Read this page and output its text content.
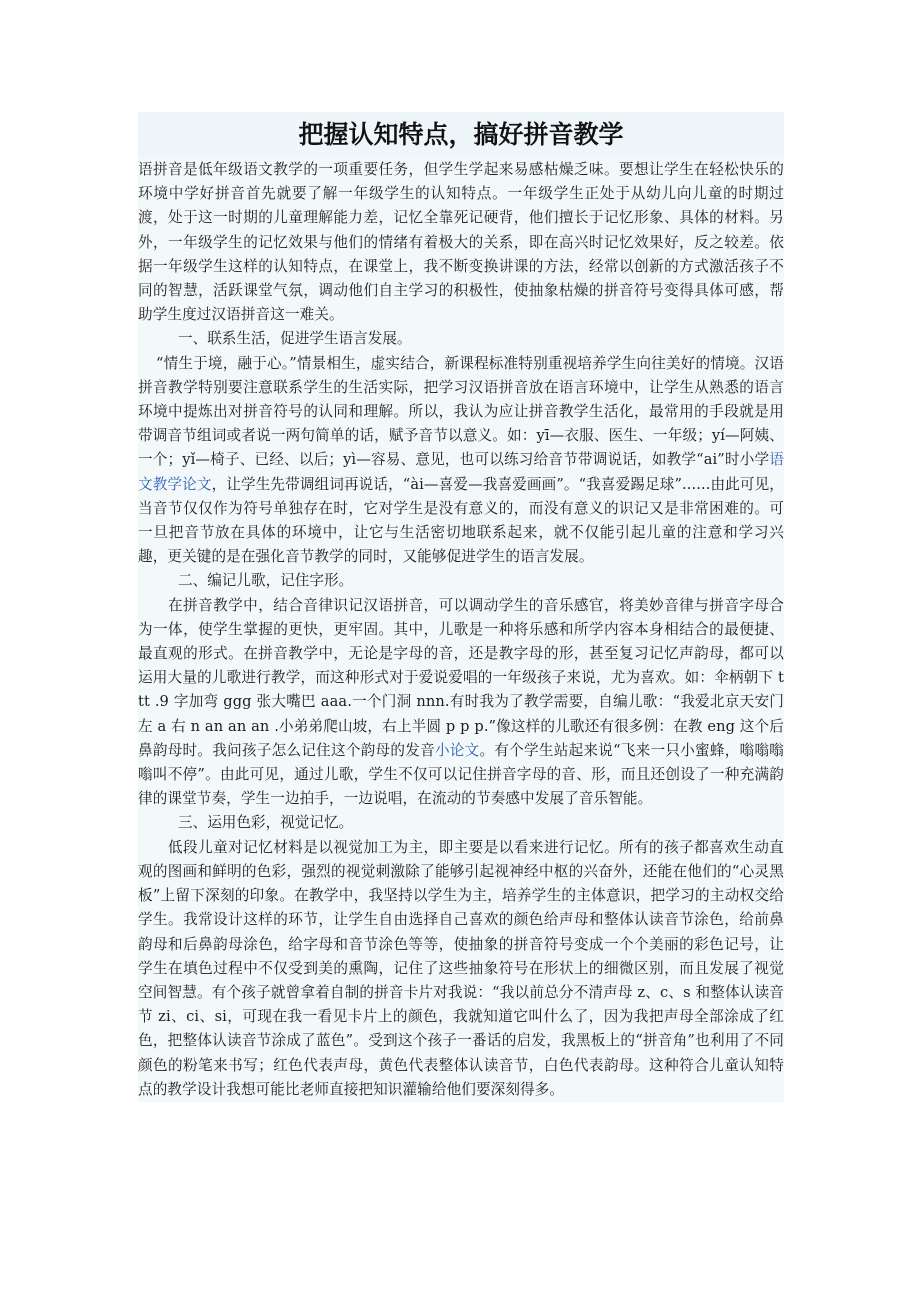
把握认知特点，搞好拼音教学

语拼音是低年级语文教学的一项重要任务，但学生学起来易感枯燥乏味。要想让学生在轻松快乐的环境中学好拼音首先就要了解一年级学生的认知特点。一年级学生正处于从幼儿向儿童的时期过渡，处于这一时期的儿童理解能力差，记忆全靠死记硬背，他们擅长于记忆形象、具体的材料。另外，一年级学生的记忆效果与他们的情绪有着极大的关系，即在高兴时记忆效果好，反之较差。依据一年级学生这样的认知特点，在课堂上，我不断变换讲课的方法，经常以创新的方式激活孩子不同的智慧，活跃课堂气氛，调动他们自主学习的积极性，使抽象枯燥的拼音符号变得具体可感，帮助学生度过汉语拼音这一难关。

一、联系生活，促进学生语言发展。

“情生于境，融于心。”情景相生，虚实结合，新课程标准特别重视培养学生向往美好的情境。汉语拼音教学特别要注意联系学生的生活实际，把学习汉语拼音放在语言环境中，让学生从熟悉的语言环境中提炼出对拼音符号的认同和理解。所以，我认为应让拼音教学生活化，最常用的手段就是用带调音节组词或者说一两句简单的话，赋予音节以意义。如：yī—衣服、医生、一年级；yí—阿姨、一个；yǐ—椅子、已经、以后；yì—容易、意见，也可以练习给音节带调说话，如教学“ai”时小学语文教学论文，让学生先带调组词再说话，“ài—喜爱—我喜爱画画”。“我喜爱踢足球”......由此可见，当音节仅仅作为符号单独存在时，它对学生是没有意义的，而没有意义的识记又是非常困难的。可一旦把音节放在具体的环境中，让它与生活密切地联系起来，就不仅能引起儿童的注意和学习兴趣，更关键的是在强化音节教学的同时，又能够促进学生的语言发展。

二、编记儿歌，记住字形。

在拼音教学中，结合音律识记汉语拼音，可以调动学生的音乐感官，将美妙音律与拼音字母合为一体，使学生掌握的更快，更牢固。其中，儿歌是一种将乐感和所学内容本身相结合的最便捷、最直观的形式。在拼音教学中，无论是字母的音，还是教字母的形，甚至复习记忆声韵母，都可以运用大量的儿歌进行教学，而这种形式对于爱说爱唱的一年级孩子来说，尤为喜欢。如：伞柄朝下 ttt .9 字加弯 ggg 张大嘴巴 aaa.一个门洞 nnn.有时我为了教学需要，自编儿歌：“我爱北京天安门左 a 右 n an an an .小弟弟爬山坡，右上半圆 p p p.”像这样的儿歌还有很多例：在教 eng 这个后鼻韵母时。我问孩子怎么记住这个韵母的发音小论文。有个学生站起来说“飞来一只小蜜蜂，嗡嗡嗡嗡叫不停”。由此可见，通过儿歌，学生不仅可以记住拼音字母的音、形，而且还创设了一种充满韵律的课堂节奏，学生一边拍手，一边说唱，在流动的节奏感中发展了音乐智能。

三、运用色彩，视觉记忆。

低段儿童对记忆材料是以视觉加工为主，即主要是以看来进行记忆。所有的孩子都喜欢生动直观的图画和鲜明的色彩，强烈的视觉刺激除了能够引起视神经中枢的兴奋外，还能在他们的“心灵黑板”上留下深刻的印象。在教学中，我坚持以学生为主，培养学生的主体意识，把学习的主动权交给学生。我常设计这样的环节，让学生自由选择自己喜欢的颜色给声母和整体认读音节涂色，给前鼻韵母和后鼻韵母涂色，给字母和音节涂色等等，使抽象的拼音符号变成一个个美丽的彩色记号，让学生在填色过程中不仅受到美的熏陶，记住了这些抽象符号在形状上的细微区别，而且发展了视觉空间智慧。有个孩子就曾拿着自制的拼音卡片对我说：“我以前总分不清声母 z、c、s 和整体认读音节 zi、ci、si，可现在我一看见卡片上的颜色，我就知道它叫什么了，因为我把声母全部涂成了红色，把整体认读音节涂成了蓝色”。受到这个孩子一番话的启发，我黑板上的“拼音角”也利用了不同颜色的粉笔来书写；红色代表声母，黄色代表整体认读音节，白色代表韵母。这种符合儿童认知特点的教学设计我想可能比老师直接把知识灌输给他们要深刻得多。
